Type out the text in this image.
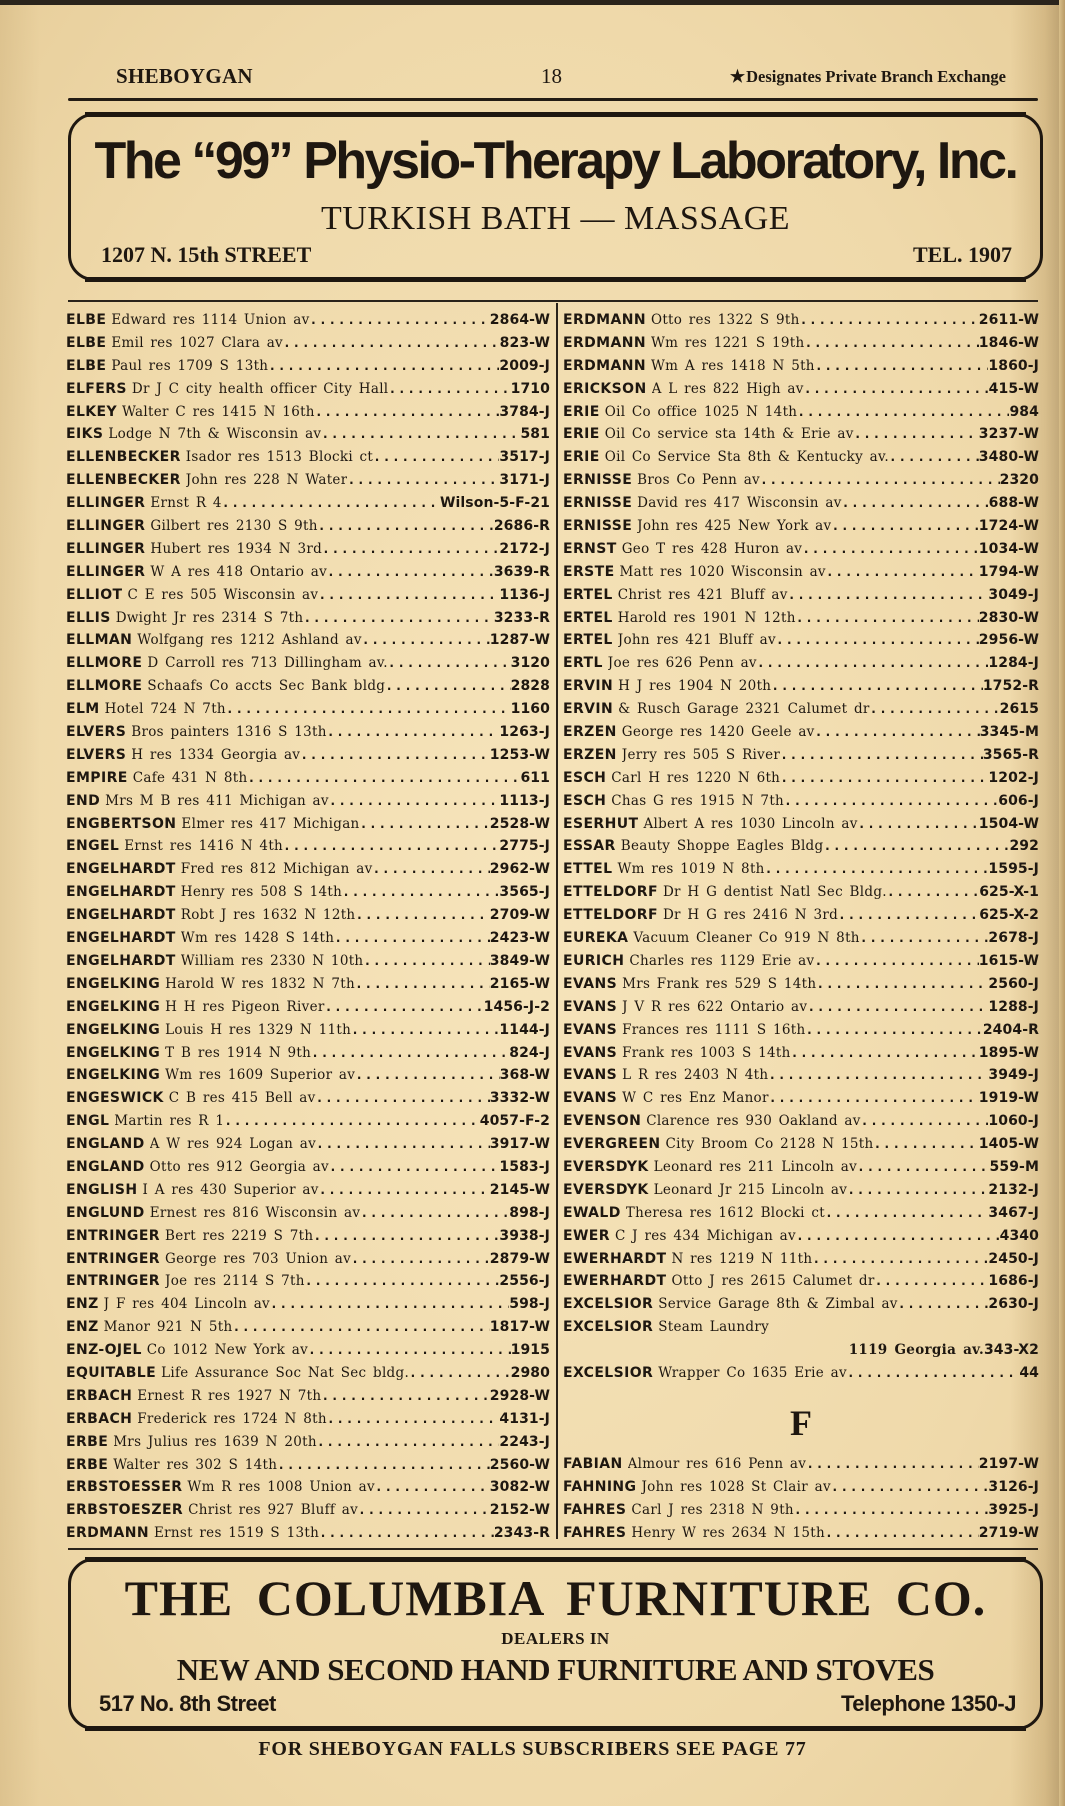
SHEBOYGAN	18	★Designates Private Branch Exchange
The “99” Physio-Therapy Laboratory, Inc.
TURKISH BATH — MASSAGE
1207 N. 15th STREET	TEL. 1907
ELBE Edward res 1114 Union av .....	2864-W
ELBE Emil res 1027 Clara av .....	823-W
ELBE Paul res 1709 S 13th .....	2009-J
ELFERS Dr J C city health officer City Hall .....	1710
ELKEY Walter C res 1415 N 16th .....	3784-J
EIKS Lodge N 7th & Wisconsin av .....	581
ELLENBECKER Isador res 1513 Blocki ct .....	3517-J
ELLENBECKER John res 228 N Water .....	3171-J
ELLINGER Ernst R 4 .....	Wilson-5-F-21
ELLINGER Gilbert res 2130 S 9th .....	2686-R
ELLINGER Hubert res 1934 N 3rd .....	2172-J
ELLINGER W A res 418 Ontario av .....	3639-R
ELLIOT C E res 505 Wisconsin av .....	1136-J
ELLIS Dwight Jr res 2314 S 7th .....	3233-R
ELLMAN Wolfgang res 1212 Ashland av .....	1287-W
ELLMORE D Carroll res 713 Dillingham av. .....	3120
ELLMORE Schaafs Co accts Sec Bank bldg .....	2828
ELM Hotel 724 N 7th .....	1160
ELVERS Bros painters 1316 S 13th .....	1263-J
ELVERS H res 1334 Georgia av .....	1253-W
EMPIRE Cafe 431 N 8th .....	611
END Mrs M B res 411 Michigan av .....	1113-J
ENGBERTSON Elmer res 417 Michigan .....	2528-W
ENGEL Ernst res 1416 N 4th .....	2775-J
ENGELHARDT Fred res 812 Michigan av .....	2962-W
ENGELHARDT Henry res 508 S 14th .....	3565-J
ENGELHARDT Robt J res 1632 N 12th .....	2709-W
ENGELHARDT Wm res 1428 S 14th .....	2423-W
ENGELHARDT William res 2330 N 10th .....	3849-W
ENGELKING Harold W res 1832 N 7th .....	2165-W
ENGELKING H H res Pigeon River .....	1456-J-2
ENGELKING Louis H res 1329 N 11th .....	1144-J
ENGELKING T B res 1914 N 9th .....	824-J
ENGELKING Wm res 1609 Superior av .....	368-W
ENGESWICK C B res 415 Bell av .....	3332-W
ENGL Martin res R 1 .....	4057-F-2
ENGLAND A W res 924 Logan av .....	3917-W
ENGLAND Otto res 912 Georgia av .....	1583-J
ENGLISH I A res 430 Superior av .....	2145-W
ENGLUND Ernest res 816 Wisconsin av .....	898-J
ENTRINGER Bert res 2219 S 7th .....	3938-J
ENTRINGER George res 703 Union av .....	2879-W
ENTRINGER Joe res 2114 S 7th .....	2556-J
ENZ J F res 404 Lincoln av .....	598-J
ENZ Manor 921 N 5th .....	1817-W
ENZ-OJEL Co 1012 New York av .....	1915
EQUITABLE Life Assurance Soc Nat Sec bldg. .....	2980
ERBACH Ernest R res 1927 N 7th .....	2928-W
ERBACH Frederick res 1724 N 8th .....	4131-J
ERBE Mrs Julius res 1639 N 20th .....	2243-J
ERBE Walter res 302 S 14th .....	2560-W
ERBSTOESSER Wm R res 1008 Union av .....	3082-W
ERBSTOESZER Christ res 927 Bluff av .....	2152-W
ERDMANN Ernst res 1519 S 13th .....	2343-R
ERDMANN Otto res 1322 S 9th .....	2611-W
ERDMANN Wm res 1221 S 19th .....	1846-W
ERDMANN Wm A res 1418 N 5th .....	1860-J
ERICKSON A L res 822 High av .....	415-W
ERIE Oil Co office 1025 N 14th .....	984
ERIE Oil Co service sta 14th & Erie av .....	3237-W
ERIE Oil Co Service Sta 8th & Kentucky av. .....	3480-W
ERNISSE Bros Co Penn av .....	2320
ERNISSE David res 417 Wisconsin av .....	688-W
ERNISSE John res 425 New York av .....	1724-W
ERNST Geo T res 428 Huron av .....	1034-W
ERSTE Matt res 1020 Wisconsin av .....	1794-W
ERTEL Christ res 421 Bluff av .....	3049-J
ERTEL Harold res 1901 N 12th .....	2830-W
ERTEL John res 421 Bluff av .....	2956-W
ERTL Joe res 626 Penn av .....	1284-J
ERVIN H J res 1904 N 20th .....	1752-R
ERVIN & Rusch Garage 2321 Calumet dr .....	2615
ERZEN George res 1420 Geele av .....	3345-M
ERZEN Jerry res 505 S River .....	3565-R
ESCH Carl H res 1220 N 6th .....	1202-J
ESCH Chas G res 1915 N 7th .....	606-J
ESERHUT Albert A res 1030 Lincoln av .....	1504-W
ESSAR Beauty Shoppe Eagles Bldg .....	292
ETTEL Wm res 1019 N 8th .....	1595-J
ETTELDORF Dr H G dentist Natl Sec Bldg. .....	625-X-1
ETTELDORF Dr H G res 2416 N 3rd .....	625-X-2
EUREKA Vacuum Cleaner Co 919 N 8th .....	2678-J
EURICH Charles res 1129 Erie av .....	1615-W
EVANS Mrs Frank res 529 S 14th .....	2560-J
EVANS J V R res 622 Ontario av .....	1288-J
EVANS Frances res 1111 S 16th .....	2404-R
EVANS Frank res 1003 S 14th .....	1895-W
EVANS L R res 2403 N 4th .....	3949-J
EVANS W C res Enz Manor .....	1919-W
EVENSON Clarence res 930 Oakland av .....	1060-J
EVERGREEN City Broom Co 2128 N 15th .....	1405-W
EVERSDYK Leonard res 211 Lincoln av .....	559-M
EVERSDYK Leonard Jr 215 Lincoln av .....	2132-J
EWALD Theresa res 1612 Blocki ct .....	3467-J
EWER C J res 434 Michigan av .....	4340
EWERHARDT N res 1219 N 11th .....	2450-J
EWERHARDT Otto J res 2615 Calumet dr .....	1686-J
EXCELSIOR Service Garage 8th & Zimbal av .....	2630-J
EXCELSIOR Steam Laundry
1119 Georgia av. 343-X2
EXCELSIOR Wrapper Co 1635 Erie av .....	44
F
FABIAN Almour res 616 Penn av .....	2197-W
FAHNING John res 1028 St Clair av .....	3126-J
FAHRES Carl J res 2318 N 9th .....	3925-J
FAHRES Henry W res 2634 N 15th .....	2719-W
THE COLUMBIA FURNITURE CO.
DEALERS IN
NEW AND SECOND HAND FURNITURE AND STOVES
517 No. 8th Street	Telephone 1350-J
FOR SHEBOYGAN FALLS SUBSCRIBERS SEE PAGE 77
